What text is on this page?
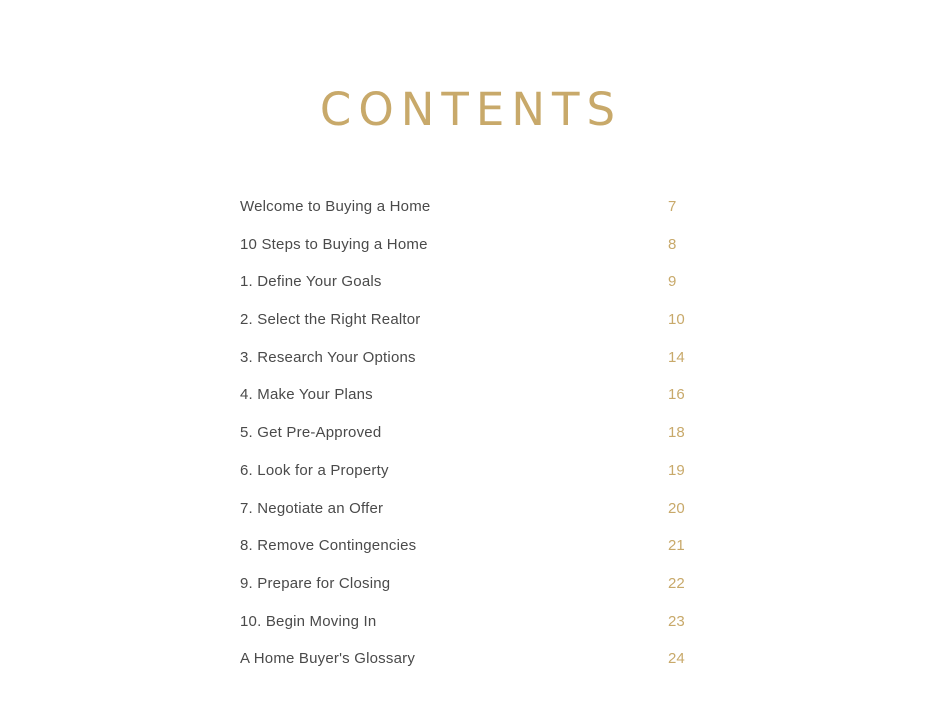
CONTENTS
Welcome to Buying a Home	7
10 Steps to Buying a Home	8
1. Define Your Goals	9
2. Select the Right Realtor	10
3. Research Your Options	14
4. Make Your Plans	16
5. Get Pre-Approved	18
6. Look for a Property	19
7. Negotiate an Offer	20
8. Remove Contingencies	21
9. Prepare for Closing	22
10. Begin Moving In	23
A Home Buyer's Glossary	24
